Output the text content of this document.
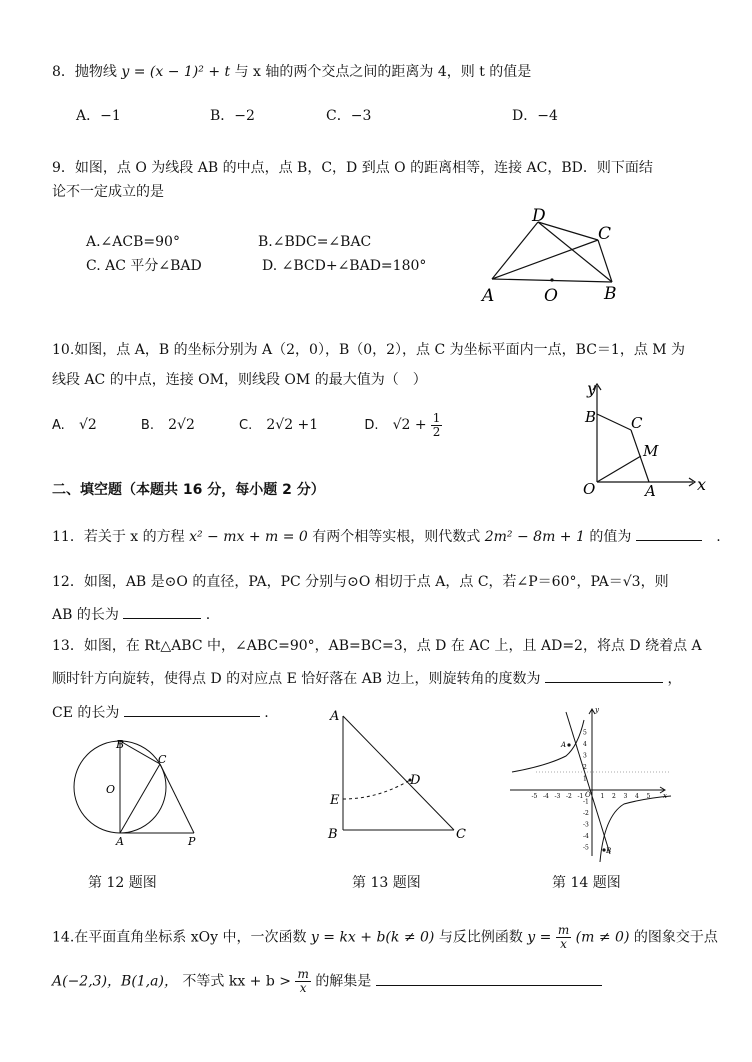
8．抛物线 y = (x − 1)² + t 与 x 轴的两个交点之间的距离为 4，则 t 的值是
A．−1	B．−2	C．−3	D．−4
9．如图，点 O 为线段 AB 的中点，点 B，C，D 到点 O 的距离相等，连接 AC，BD．则下面结
论不一定成立的是
A.∠ACB=90°	B.∠BDC=∠BAC
C. AC 平分∠BAD	D. ∠BCD+∠BAD=180°
A	O	B
C
D
10.如图，点 A，B 的坐标分别为 A（2，0），B（0，2），点 C 为坐标平面内一点，BC＝1，点 M 为
线段 AC 的中点，连接 OM，则线段 OM 的最大值为（　）
A. √2	B. 2√2	C. 2√2 +1	D. $√2 + \frac{1}{2}$
y
x
B C
M
O	A
二、填空题（本题共 16 分，每小题 2 分）
11．若关于 x 的方程 x² − mx + m = 0 有两个相等实根，则代数式 2m² − 8m + 1 的值为	.
12．如图，AB 是⊙O 的直径，PA，PC 分别与⊙O 相切于点 A，点 C，若∠P＝60°，PA＝√3，则
AB 的长为	.
13．如图，在 Rt△ABC 中，∠ABC=90°，AB=BC=3，点 D 在 AC 上，且 AD=2，将点 D 绕着点 A
顺时针方向旋转，使得点 D 的对应点 E 恰好落在 AB 边上，则旋转角的度数为	，
CE 的长为	.
B
O
C
A	P
A
E
D
B	C
-5 -4 -3 -2 -1	1 2 3 4 5
5
4
3
2
1
-1
-2
-3
-4
-5
A
B
O	x
y
第 12 题图	第 13 题图	第 14 题图
14.在平面直角坐标系 xOy 中，一次函数 y = kx + b(k ≠ 0) 与反比例函数 $y = \frac{m}{x} (m \ne 0)$ 的图象交于点
A(−2,3)，B(1,a)， 不等式 kx + $b > \frac{m}{x}$ 的解集是
